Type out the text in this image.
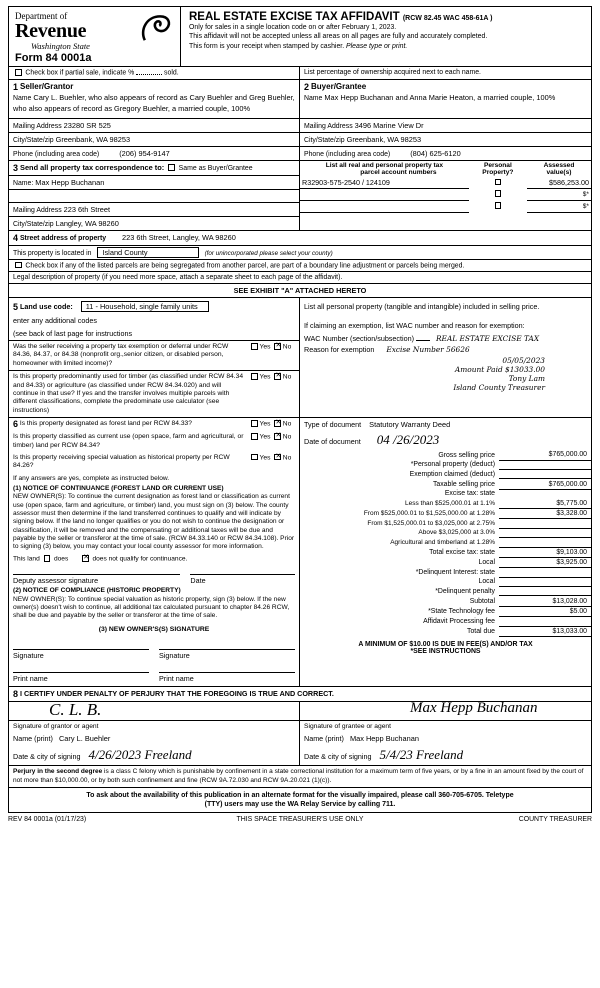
Department of
Revenue
Washington State
Form 84 0001a
REAL ESTATE EXCISE TAX AFFIDAVIT (RCW 82.45 WAC 458-61A )
Only for sales in a single location code on or after February 1, 2023.
This affidavit will not be accepted unless all areas on all pages are fully and accurately completed.
This form is your receipt when stamped by cashier. Please type or print.
Check box if partial sale, indicate %	sold.	List percentage of ownership acquired next to each name.
1 Seller/Grantor
Name Cary L. Buehler, who also appears of record as Cary Buehler and Greg Buehler, who also appears of record as Gregory Buehler, a married couple, 100%
2 Buyer/Grantee
Name Max Hepp Buchanan and Anna Marie Heaton, a married couple, 100%
Mailing Address 23280 SR 525	Mailing Address 3496 Marine View Dr
City/State/zip Greenbank, WA 98253	City/State/zip Greenbank, WA 98253
Phone (including area code)	(206) 954-9147	Phone (including area code)	(804) 625-6120
3 Send all property tax correspondence to: Same as Buyer/Grantee
Name: Max Hepp Buchanan
Mailing Address 223 6th Street
City/State/zip Langley, WA 98260
List all real and personal property tax
parcel account numbers	Personal
Property?	Assessed
value(s)
R32903-575-2540 / 124109		$586,253.00
		$*
		$*
4 Street address of property 223 6th Street, Langley, WA 98260
This property is located in Island County	(for unincorporated please select your county)
Check box if any of the listed parcels are being segregated from another parcel, are part of a boundary line adjustment or parcels being merged.
Legal description of property (if you need more space, attach a separate sheet to each page of the affidavit).
SEE EXHIBIT "A" ATTACHED HERETO
5 Land use code: 11 - Household, single family units
enter any additional codes
(see back of last page for instructions
Was the seller receiving a property tax exemption or deferral under RCW 84.36, 84.37, or 84.38 (nonprofit org.,senior citizen, or disabled person, homeowner with limited income)?
Yes ✕ No
Is this property predominantly used for timber (as classified under RCW 84.34 and 84.33) or agriculture (as classified under RCW 84.34.020) and will continue in that use? If yes and the transfer involves multiple parcels with different classifications, complete the predominate use calculator (see instructions)
Yes ✕ No
List all personal property (tangible and intangible) included in selling price.
If claiming an exemption, list WAC number and reason for exemption:
WAC Number (section/subsection)	REAL ESTATE EXCISE TAX
Reason for exemption Excise Number 56626
05/05/2023
Amount Paid $13033.00
Tony Lam
Island County Treasurer
6 Is this property designated as forest land per RCW 84.33?	Yes ✕ No
Is this property classified as current use (open space, farm and agricultural, or timber) land per RCW 84.34?
Yes ✕ No
Is this property receiving special valuation as historical property per RCW 84.26?
Yes ✕ No
If any answers are yes, complete as instructed below.
(1) NOTICE OF CONTINUANCE (FOREST LAND OR CURRENT USE)
NEW OWNER(S): To continue the current designation as forest land or classification as current use (open space, farm and agriculture, or timber) land, you must sign on (3) below. The county assessor must then determine if the land transferred continues to qualify and will indicate by signing below. If the land no longer qualifies or you do not wish to continue the designation or classification, it will be removed and the compensating or additional taxes will be due and payable by the seller or transferor at the time of sale. (RCW 84.33.140 or RCW 84.34.108). Prior to signing (3) below, you may contact your local county assessor for more information.
This land does ✕	does not qualify for continuance.
Deputy assessor signature	Date
(2) NOTICE OF COMPLIANCE (HISTORIC PROPERTY)
NEW OWNER(S): To continue special valuation as historic property, sign (3) below. If the new owner(s) doesn't wish to continue, all additional tax calculated pursuant to chapter 84.26 RCW, shall be due and payable by the seller or transferor at the time of sale.
(3) NEW OWNER'S(S) SIGNATURE
Signature	Signature
Print name	Print name
Type of document Statutory Warranty Deed
Date of document 04 /26/2023
Gross selling price	$765,000.00
*Personal property (deduct)	
Exemption claimed (deduct)	
Taxable selling price	$765,000.00
Excise tax: state	
Less than $525,000.01 at 1.1%	$5,775.00
From $525,000.01 to $1,525,000.00 at 1.28%	$3,328.00
From $1,525,000.01 to $3,025,000 at 2.75%	
Above $3,025,000 at 3.0%	
Agricultural and timberland at 1.28%	
Total excise tax: state	$9,103.00
Local	$3,925.00
*Delinquent Interest: state	
Local	
*Delinquent penalty	
Subtotal	$13,028.00
*State Technology fee	$5.00
Affidavit Processing fee	
Total due	$13,033.00
A MINIMUM OF $10.00 IS DUE IN FEE(S) AND/OR TAX
*SEE INSTRUCTIONS
8 I CERTIFY UNDER PENALTY OF PERJURY THAT THE FOREGOING IS TRUE AND CORRECT.
C. L. B.
Signature of grantor or agent
Name (print) Cary L. Buehler
Date & city of signing 4/26/2023 Freeland
Max Hepp Buchanan
Signature of grantee or agent
Name (print) Max Hepp Buchanan
Date & city of signing 5/4/23 Freeland
Perjury in the second degree is a class C felony which is punishable by confinement in a state correctional institution for a maximum term of five years, or by a fine in an amount fixed by the court of not more than $10,000.00, or by both such confinement and fine (RCW 9A.72.030 and RCW 9A.20.021 (1)(c)).
To ask about the availability of this publication in an alternate format for the visually impaired, please call 360-705-6705. Teletype
(TTY) users may use the WA Relay Service by calling 711.
REV 84 0001a (01/17/23)	THIS SPACE TREASURER'S USE ONLY	COUNTY TREASURER
